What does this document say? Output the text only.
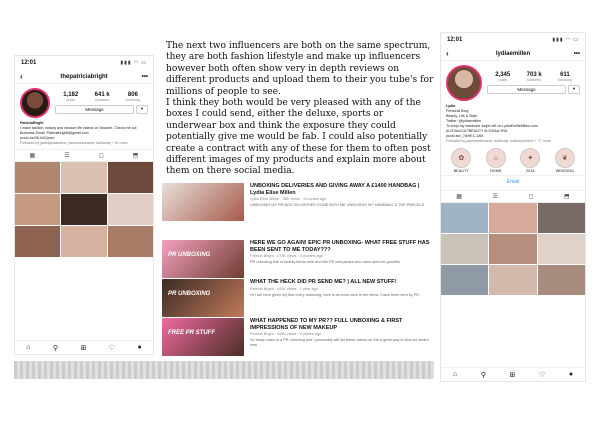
12:01	▮▮▮ ◠ ▭
‹	thepatriciabright	•••
1,182
posts
641 k
followers
806
following
Message	▾
PatriciaBright
I make fashion, beauty and random life videos on Youtube. Check me out
Business Email: Patriciabrightt@gmail.com
youtu.be/0KJo0Qzxm
Followed by jadedjonasmbox, yasmineechanel, baliloody + 40 more
▦	☰	◻	⬒
⌂	⚲	⊞	♡	●
The next two influencers are both on the same spectrum, they are both fashion lifestyle and make up influencers however both often show very in depth reviews on different products and upload them to their you tube's for millions of people to see.
I think they both would be very pleased with any of the boxes I could send, either the deluxe, sports or underwear box and think the exposure they could potentially give me would be fab. I could also potentially create a contract with any of these for them to often post different images of my products and explain more about them on there social media.
UNBOXING DELIVERIES AND GIVING AWAY A £1400 HANDBAG | Lydia Elise Millen
Lydia Elise Millen · 38K views · 3 months ago
UNBOXING MY PR BOX DELIVERIES COME WITH ME UNBOXING MY HANDBAG & THE PARCELS
PR UNBOXING
HERE WE GO AGAIN! EPIC PR UNBOXING- WHAT FREE STUFF HAS BEEN SENT TO ME TODAY???
Patricia Bright · 273K views · 3 months ago
PR unboxing lots of beauty items here and the PR companies who have sent me goodies
PR UNBOXING
WHAT THE HECK DID PR SEND ME? | ALL NEW STUFF!
Patricia Bright · 441K views · 1 year ago
Hi I are here given my first every unboxing, here is an even view of the items I have been sent by PR
FREE PR STUFF
WHAT HAPPENED TO MY PR?? FULL UNBOXING & FIRST IMPRESSIONS OF NEW MAKEUP
Patricia Bright · 344K views · 6 weeks ago
So today video is a PR unboxing and I personally will list these videos on the a great way to find out what's new
12:01	▮▮▮ ◠ ▭
‹	lydiaemillen	•••
2,345
posts
703 k
followers
611
following
Message	▾
Lydia
Personal Blog
Beauty, Life & Style
Twitter: @lydiaemillen
To shop my wardrobe swipe left on LydiaEmilleMillen.com
#LYDIAxCULTBEAUTY #LYDIAxLYRA
youtu.be/_7tkHEC-18M
Followed by yasmineechanel, baliloody, millachylobson + 77 more
✿
BEAUTY
⌂
HOME
✦
2018
❦
WEDDING
Email
▦	☰	◻	⬒
⌂	⚲	⊞	♡	●
